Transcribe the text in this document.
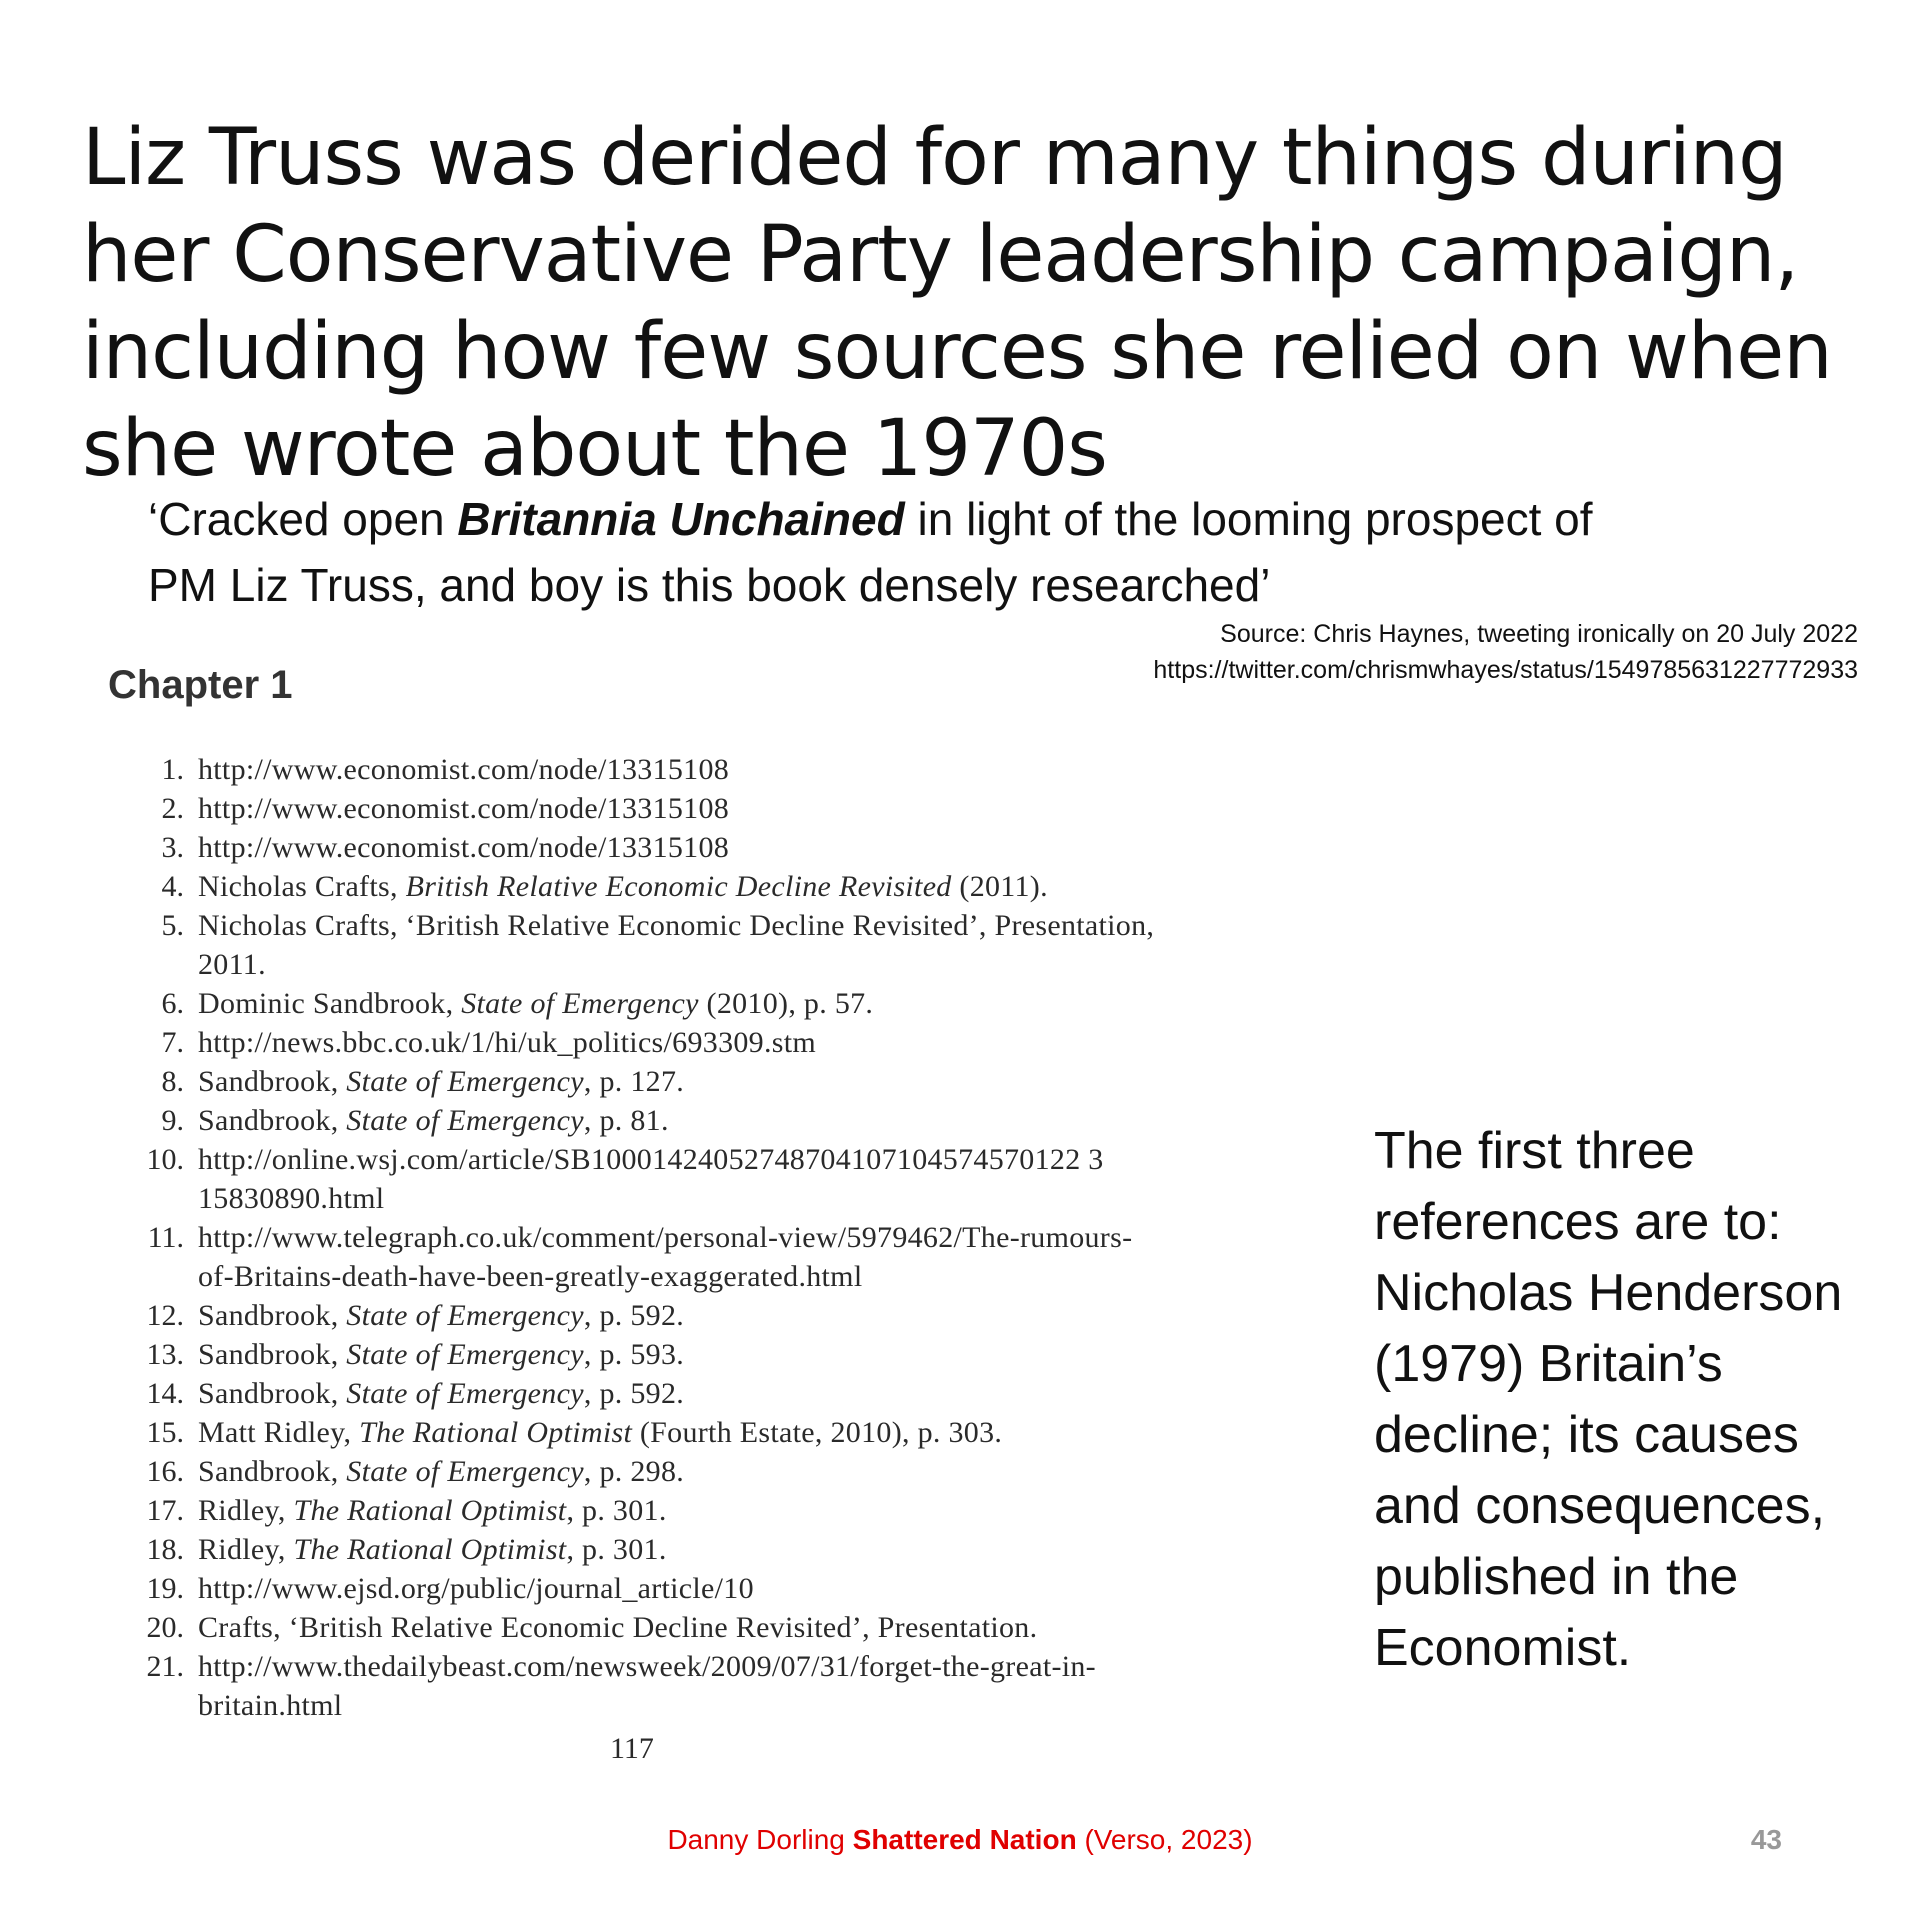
Liz Truss was derided for many things during
her Conservative Party leadership campaign,
including how few sources she relied on when
she wrote about the 1970s
‘Cracked open Britannia Unchained in light of the looming prospect of
PM Liz Truss, and boy is this book densely researched’
Source: Chris Haynes, tweeting ironically on 20 July 2022
https://twitter.com/chrismwhayes/status/1549785631227772933
Chapter 1
1. http://www.economist.com/node/13315108
2. http://www.economist.com/node/13315108
3. http://www.economist.com/node/13315108
4. Nicholas Crafts, British Relative Economic Decline Revisited (2011).
5. Nicholas Crafts, ‘British Relative Economic Decline Revisited’, Presentation,
2011.
6. Dominic Sandbrook, State of Emergency (2010), p. 57.
7. http://news.bbc.co.uk/1/hi/uk_politics/693309.stm
8. Sandbrook, State of Emergency, p. 127.
9. Sandbrook, State of Emergency, p. 81.
10. http://online.wsj.com/article/SB10001424052748704107104574570122 3
15830890.html
11. http://www.telegraph.co.uk/comment/personal-view/5979462/The-rumours-
of-Britains-death-have-been-greatly-exaggerated.html
12. Sandbrook, State of Emergency, p. 592.
13. Sandbrook, State of Emergency, p. 593.
14. Sandbrook, State of Emergency, p. 592.
15. Matt Ridley, The Rational Optimist (Fourth Estate, 2010), p. 303.
16. Sandbrook, State of Emergency, p. 298.
17. Ridley, The Rational Optimist, p. 301.
18. Ridley, The Rational Optimist, p. 301.
19. http://www.ejsd.org/public/journal_article/10
20. Crafts, ‘British Relative Economic Decline Revisited’, Presentation.
21. http://www.thedailybeast.com/newsweek/2009/07/31/forget-the-great-in-
britain.html
117
The first three
references are to:
Nicholas Henderson
(1979) Britain’s
decline; its causes
and consequences,
published in the
Economist.
Danny Dorling Shattered Nation (Verso, 2023)	43
